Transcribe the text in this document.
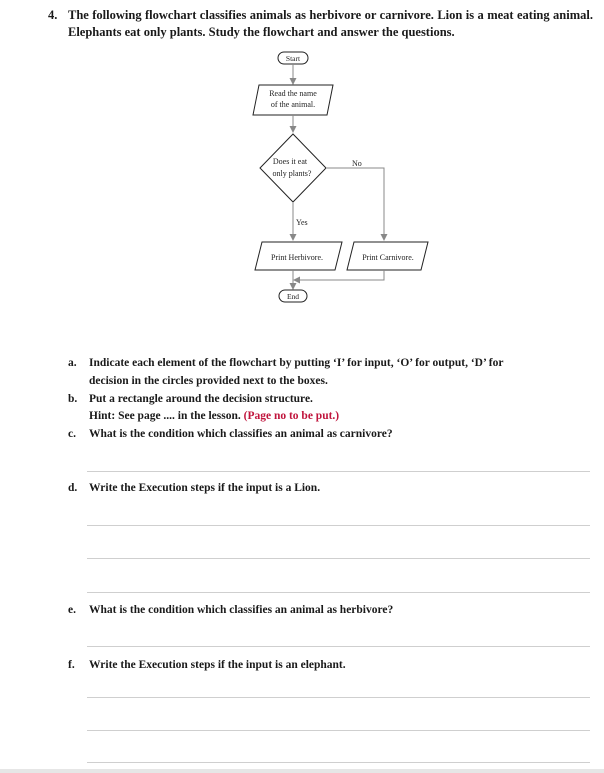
4. The following flowchart classifies animals as herbivore or carnivore. Lion is a meat eating animal. Elephants eat only plants. Study the flowchart and answer the questions.
Start
Read the name
of the animal.
Does it eat
only plants?
No
Yes
Print Herbivore.	Print Carnivore.
End
a. Indicate each element of the flowchart by putting ‘I’ for input, ‘O’ for output, ‘D’ for
decision in the circles provided next to the boxes.
b. Put a rectangle around the decision structure.
Hint: See page .... in the lesson. (Page no to be put.)
c. What is the condition which classifies an animal as carnivore?
d. Write the Execution steps if the input is a Lion.
e. What is the condition which classifies an animal as herbivore?
f. Write the Execution steps if the input is an elephant.
